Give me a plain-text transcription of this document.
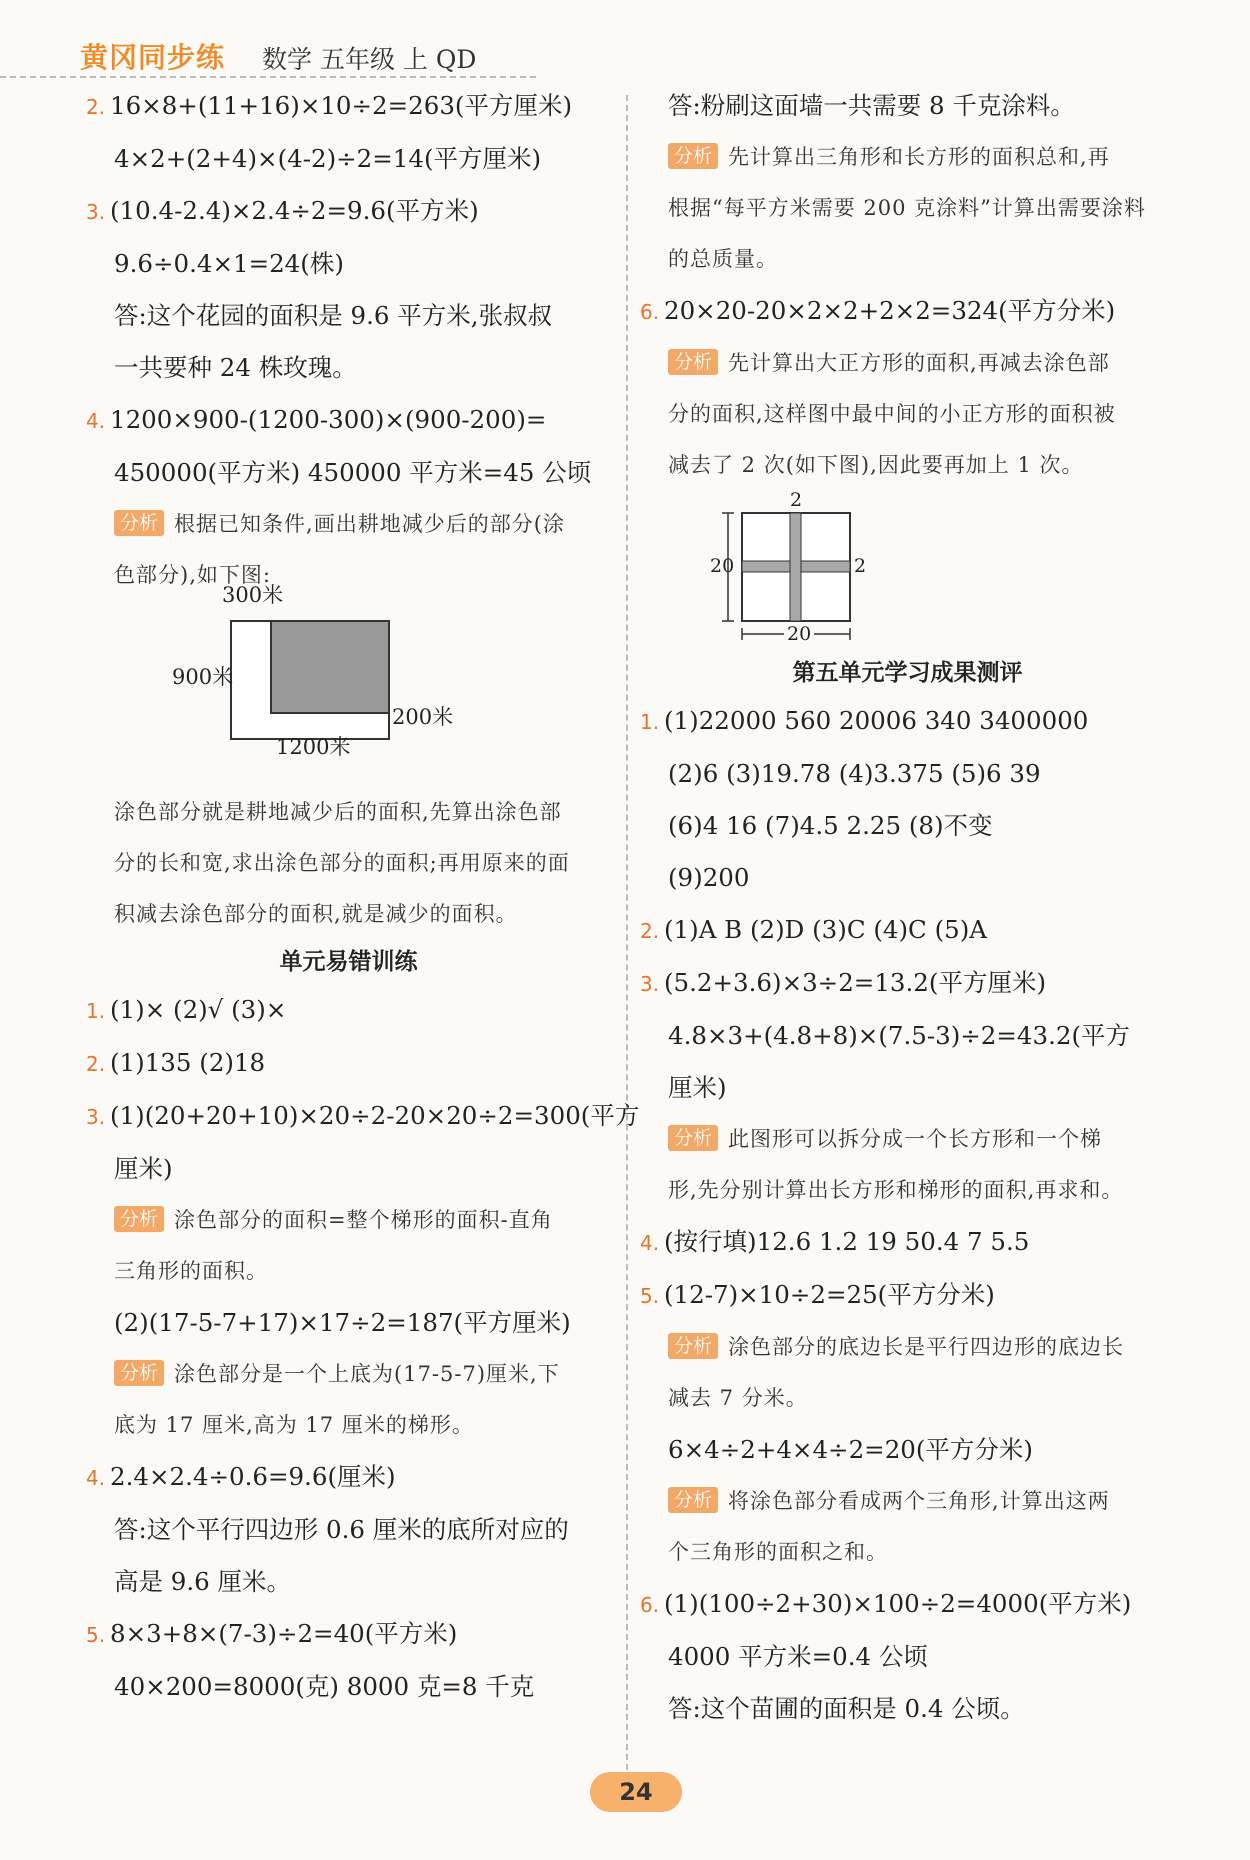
黄冈同步练 数学 五年级 上 QD
2. 16×8+(11+16)×10÷2=263(平方厘米)
4×2+(2+4)×(4-2)÷2=14(平方厘米)
3. (10.4-2.4)×2.4÷2=9.6(平方米)
9.6÷0.4×1=24(株)
答:这个花园的面积是 9.6 平方米,张叔叔
一共要种 24 株玫瑰。
4. 1200×900-(1200-300)×(900-200)=
450000(平方米) 450000 平方米=45 公顷
分析 根据已知条件,画出耕地减少后的部分(涂
色部分),如下图:
300米
900米
200米
1200米
涂色部分就是耕地减少后的面积,先算出涂色部
分的长和宽,求出涂色部分的面积;再用原来的面
积减去涂色部分的面积,就是减少的面积。
单元易错训练
1. (1)× (2)√ (3)×
2. (1)135 (2)18
3. (1)(20+20+10)×20÷2-20×20÷2=300(平方
厘米)
分析 涂色部分的面积=整个梯形的面积-直角
三角形的面积。
(2)(17-5-7+17)×17÷2=187(平方厘米)
分析 涂色部分是一个上底为(17-5-7)厘米,下
底为 17 厘米,高为 17 厘米的梯形。
4. 2.4×2.4÷0.6=9.6(厘米)
答:这个平行四边形 0.6 厘米的底所对应的
高是 9.6 厘米。
5. 8×3+8×(7-3)÷2=40(平方米)
40×200=8000(克) 8000 克=8 千克
答:粉刷这面墙一共需要 8 千克涂料。
分析 先计算出三角形和长方形的面积总和,再
根据“每平方米需要 200 克涂料”计算出需要涂料
的总质量。
6. 20×20-20×2×2+2×2=324(平方分米)
分析 先计算出大正方形的面积,再减去涂色部
分的面积,这样图中最中间的小正方形的面积被
减去了 2 次(如下图),因此要再加上 1 次。
2
20	2
20
第五单元学习成果测评
1. (1)22000 560 20006 340 3400000
(2)6 (3)19.78 (4)3.375 (5)6 39
(6)4 16 (7)4.5 2.25 (8)不变
(9)200
2. (1)A B (2)D (3)C (4)C (5)A
3. (5.2+3.6)×3÷2=13.2(平方厘米)
4.8×3+(4.8+8)×(7.5-3)÷2=43.2(平方
厘米)
分析 此图形可以拆分成一个长方形和一个梯
形,先分别计算出长方形和梯形的面积,再求和。
4. (按行填)12.6 1.2 19 50.4 7 5.5
5. (12-7)×10÷2=25(平方分米)
分析 涂色部分的底边长是平行四边形的底边长
减去 7 分米。
6×4÷2+4×4÷2=20(平方分米)
分析 将涂色部分看成两个三角形,计算出这两
个三角形的面积之和。
6. (1)(100÷2+30)×100÷2=4000(平方米)
4000 平方米=0.4 公顷
答:这个苗圃的面积是 0.4 公顷。
24
